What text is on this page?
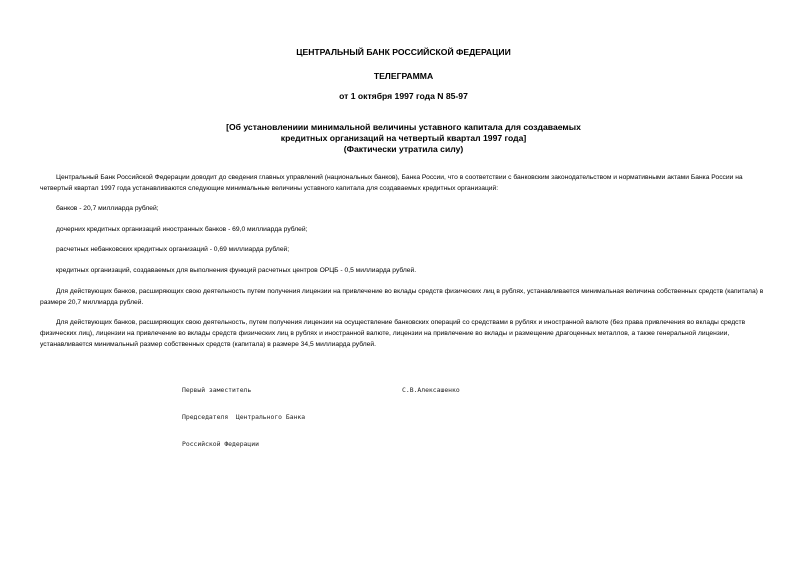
ЦЕНТРАЛЬНЫЙ БАНК РОССИЙСКОЙ ФЕДЕРАЦИИ
ТЕЛЕГРАММА
от 1 октября 1997 года N 85-97
[Об установлениии минимальной величины уставного капитала для создаваемых
кредитных организаций на четвертый квартал 1997 года]
(Фактически утратила силу)
Центральный Банк Российской Федерации доводит до сведения главных управлений (национальных банков), Банка России, что в соответствии с банковским законодательством и нормативными актами Банка России на четвертый квартал 1997 года устанавливаются следующие минимальные величины уставного капитала для создаваемых кредитных организаций:
банков - 20,7 миллиарда рублей;
дочерних кредитных организаций иностранных банков - 69,0 миллиарда рублей;
расчетных небанковских кредитных организаций - 0,69 миллиарда рублей;
кредитных организаций, создаваемых для выполнения функций расчетных центров ОРЦБ - 0,5 миллиарда рублей.
Для действующих банков, расширяющих свою деятельность путем получения лицензии на привлечение во вклады средств физических лиц в рублях, устанавливается минимальная величина собственных средств (капитала) в размере 20,7 миллиарда рублей.
Для действующих банков, расширяющих свою деятельность, путем получения лицензии на осуществление банковских операций со средствами в рублях и иностранной валюте (без права привлечения во вклады средств физических лиц), лицензии на привлечение во вклады средств физических лиц в рублях и иностранной валюте, лицензии на привлечение во вклады и размещение драгоценных металлов, а также генеральной лицензии, устанавливается минимальный размер собственных средств (капитала) в размере 34,5 миллиарда рублей.

Первый заместитель

Председателя  Центрального Банка

Российской Федерации

С.В.Алексашенко
